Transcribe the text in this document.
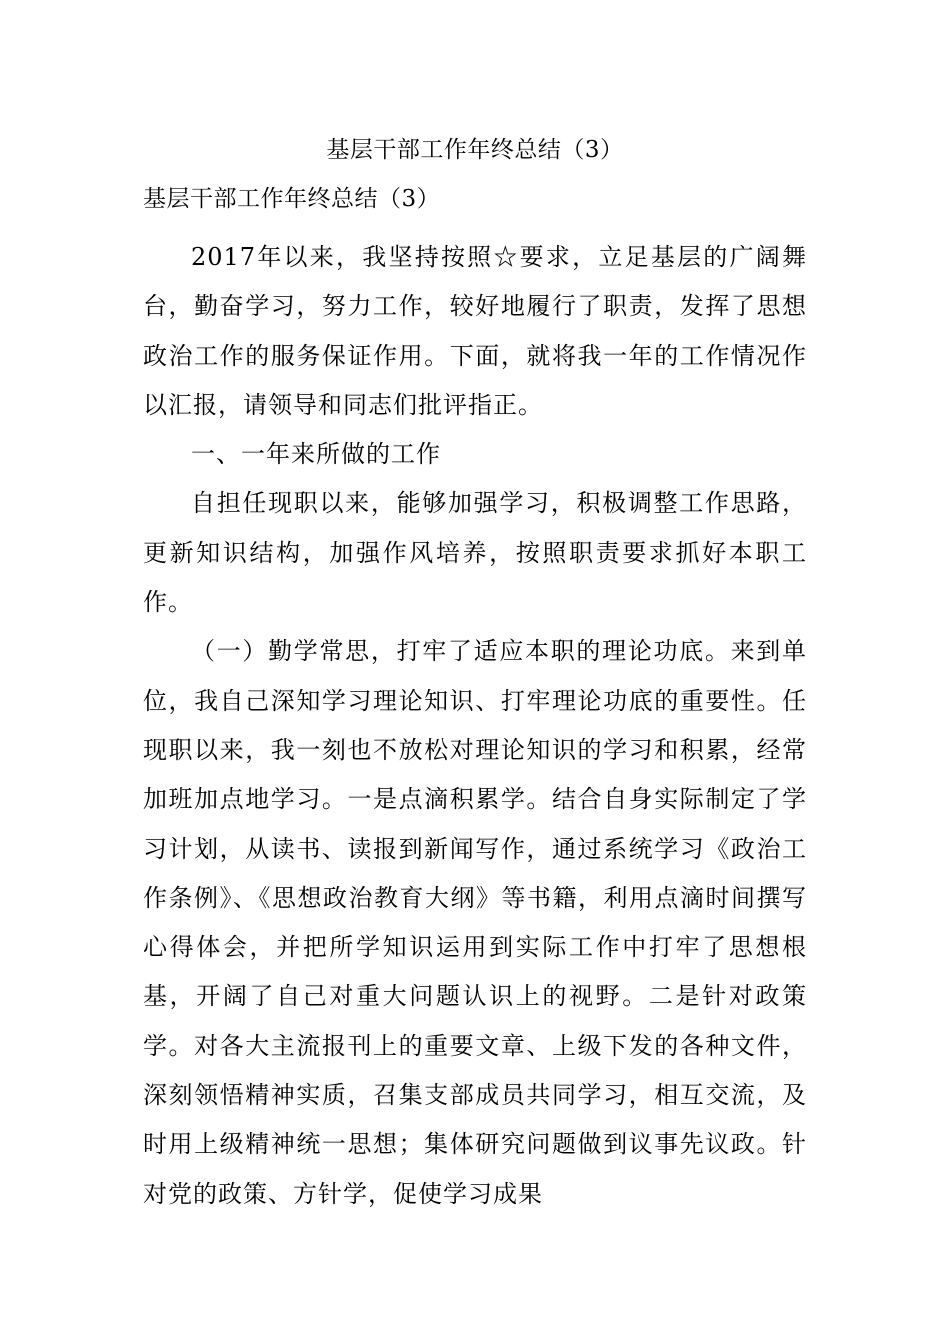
基层干部工作年终总结（3）

基层干部工作年终总结（3）

2017年以来，我坚持按照☆要求，立足基层的广阔舞台，勤奋学习，努力工作，较好地履行了职责，发挥了思想政治工作的服务保证作用。下面，就将我一年的工作情况作以汇报，请领导和同志们批评指正。

一、一年来所做的工作

自担任现职以来，能够加强学习，积极调整工作思路，更新知识结构，加强作风培养，按照职责要求抓好本职工作。

（一）勤学常思，打牢了适应本职的理论功底。来到单位，我自己深知学习理论知识、打牢理论功底的重要性。任现职以来，我一刻也不放松对理论知识的学习和积累，经常加班加点地学习。一是点滴积累学。结合自身实际制定了学习计划，从读书、读报到新闻写作，通过系统学习《政治工作条例》、《思想政治教育大纲》等书籍，利用点滴时间撰写心得体会，并把所学知识运用到实际工作中打牢了思想根基，开阔了自己对重大问题认识上的视野。二是针对政策学。对各大主流报刊上的重要文章、上级下发的各种文件，深刻领悟精神实质，召集支部成员共同学习，相互交流，及时用上级精神统一思想；集体研究问题做到议事先议政。针对党的政策、方针学，促使学习成果
